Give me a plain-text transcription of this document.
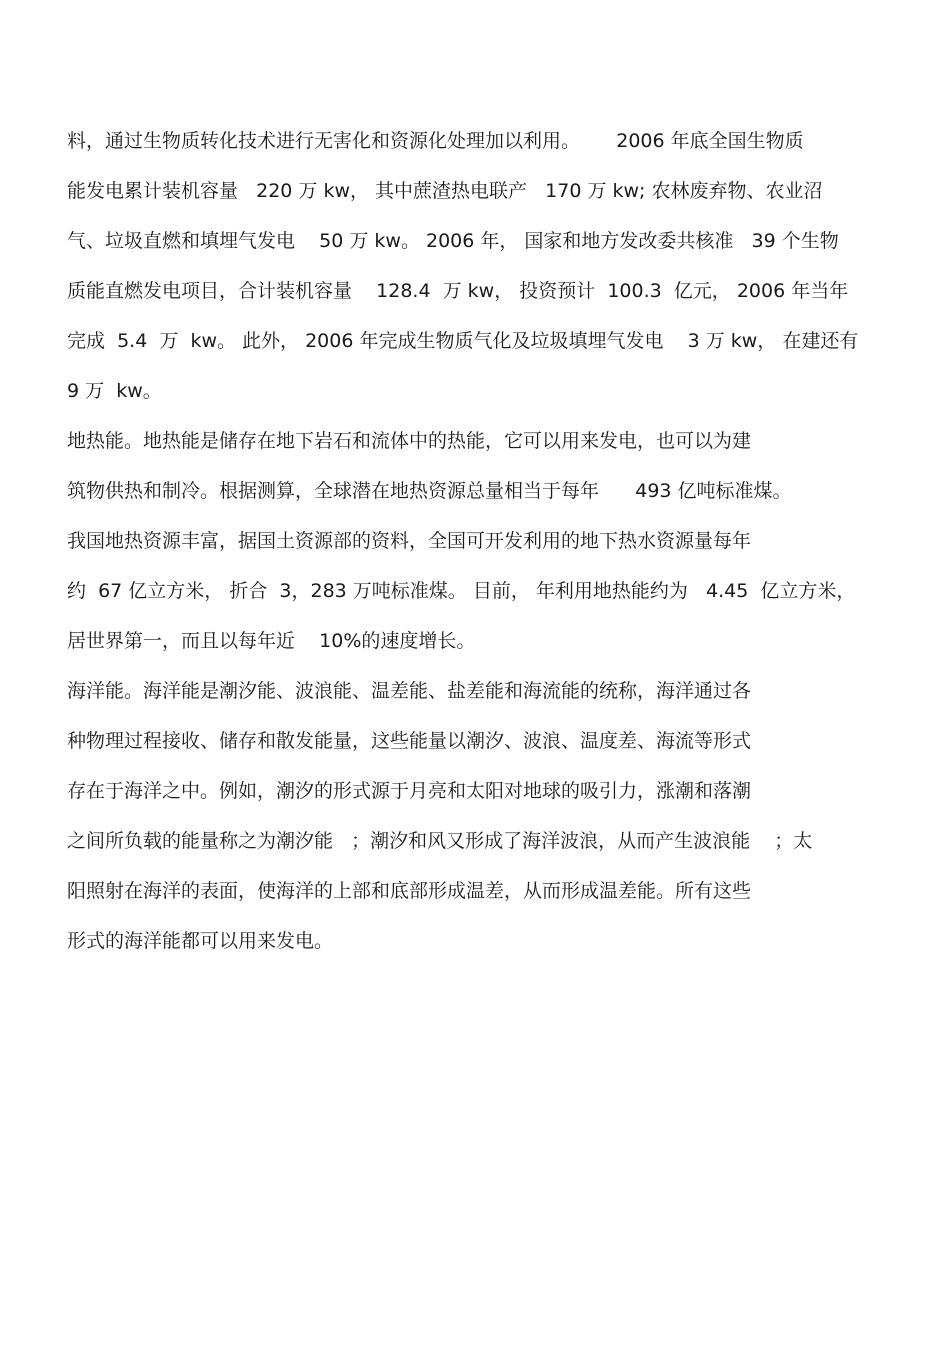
料，通过生物质转化技术进行无害化和资源化处理加以利用。      2006 年底全国生物质

能发电累计装机容量   220 万 kw， 其中蔗渣热电联产   170 万 kw; 农林废弃物、农业沼

气、垃圾直燃和填埋气发电    50 万 kw。 2006 年， 国家和地方发改委共核准   39 个生物

质能直燃发电项目，合计装机容量    128.4  万 kw， 投资预计  100.3  亿元， 2006 年当年

完成  5.4  万  kw。 此外， 2006 年完成生物质气化及垃圾填埋气发电    3 万 kw， 在建还有

9 万  kw。

地热能。地热能是储存在地下岩石和流体中的热能，它可以用来发电，也可以为建

筑物供热和制冷。根据测算，全球潜在地热资源总量相当于每年      493 亿吨标准煤。

我国地热资源丰富，据国土资源部的资料，全国可开发利用的地下热水资源量每年

约  67 亿立方米， 折合  3，283 万吨标准煤。 目前， 年利用地热能约为   4.45  亿立方米，

居世界第一，而且以每年近    10%的速度增长。

海洋能。海洋能是潮汐能、波浪能、温差能、盐差能和海流能的统称，海洋通过各

种物理过程接收、储存和散发能量，这些能量以潮汐、波浪、温度差、海流等形式

存在于海洋之中。例如，潮汐的形式源于月亮和太阳对地球的吸引力，涨潮和落潮

之间所负载的能量称之为潮汐能   ；潮汐和风又形成了海洋波浪，从而产生波浪能    ；太

阳照射在海洋的表面，使海洋的上部和底部形成温差，从而形成温差能。所有这些

形式的海洋能都可以用来发电。
